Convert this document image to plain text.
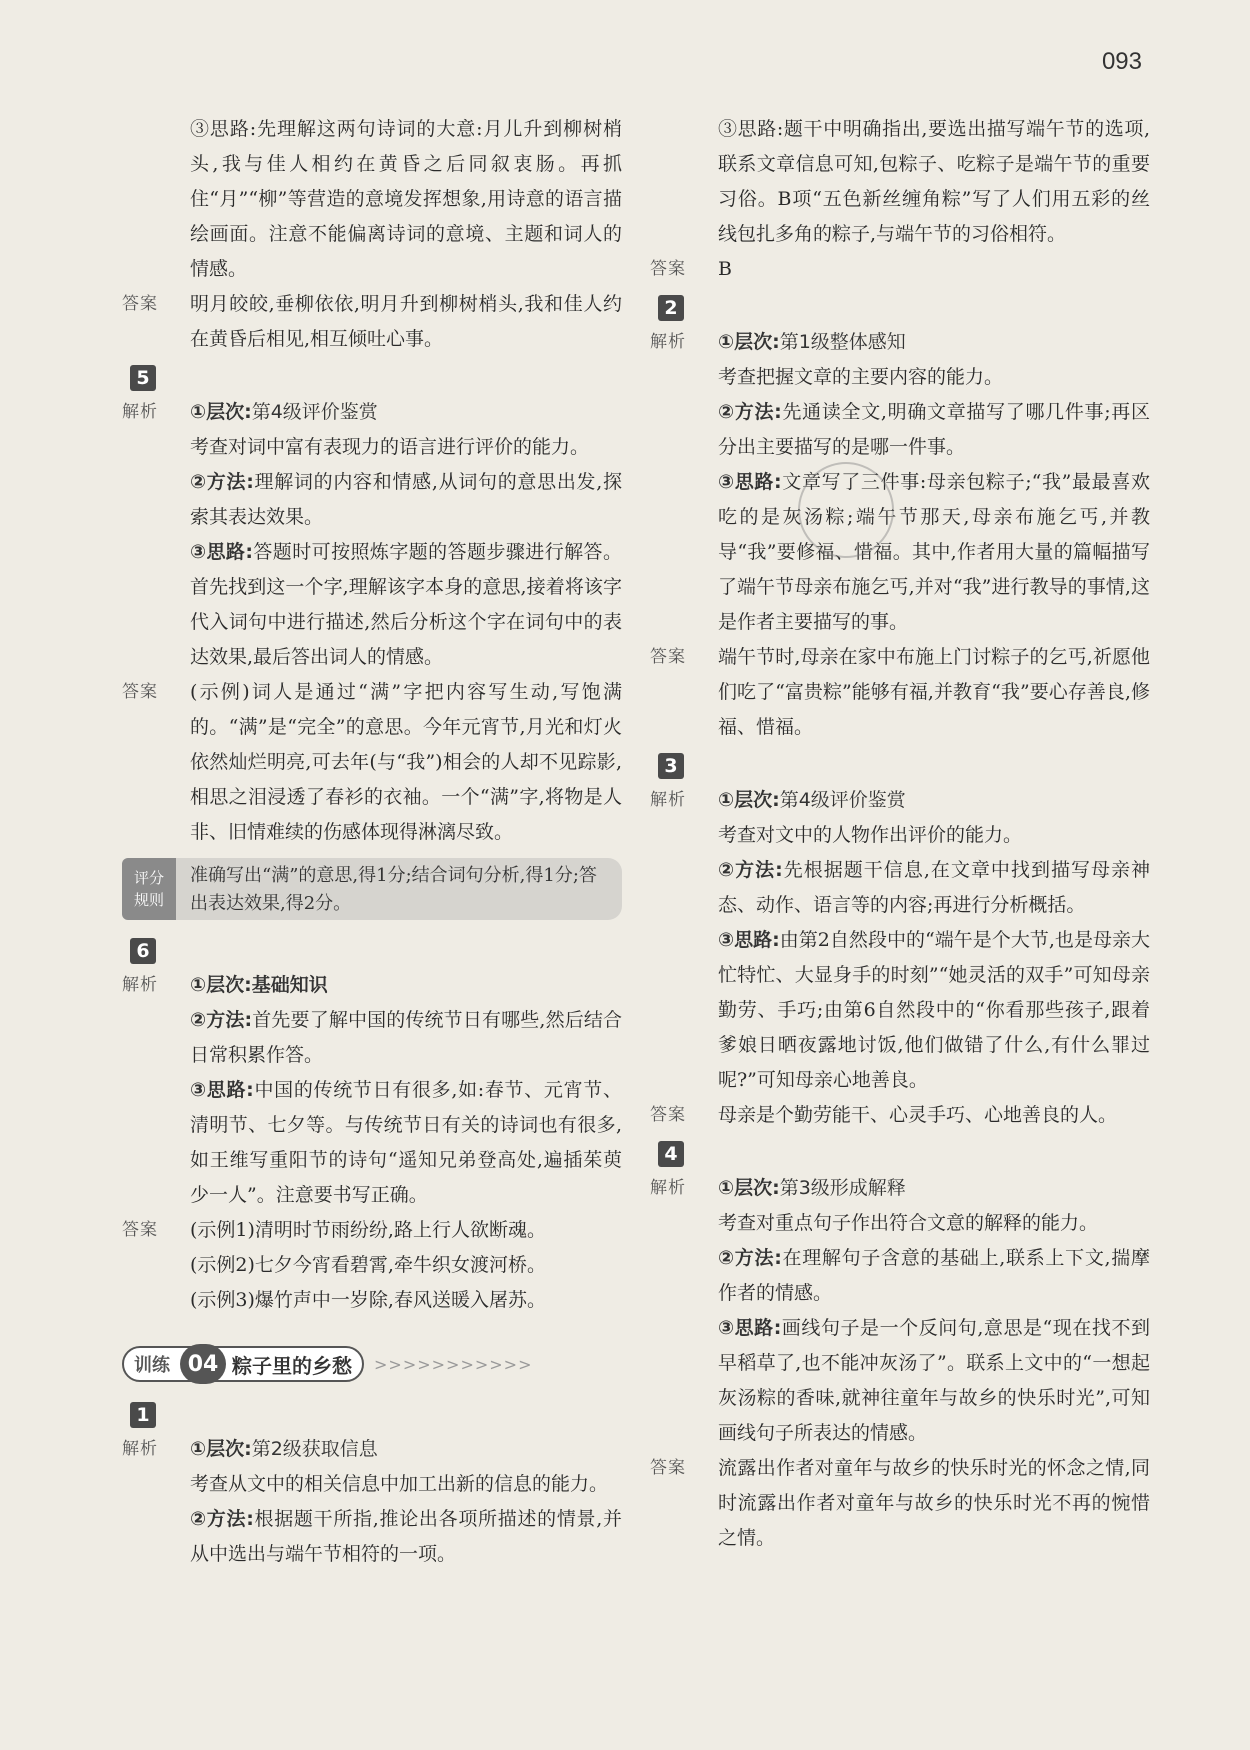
093

③思路:先理解这两句诗词的大意:月儿升到柳树梢头,我与佳人相约在黄昏之后同叙衷肠。再抓住“月”“柳”等营造的意境发挥想象,用诗意的语言描绘画面。注意不能偏离诗词的意境、主题和词人的情感。

答案 明月皎皎,垂柳依依,明月升到柳树梢头,我和佳人约在黄昏后相见,相互倾吐心事。

5
解析 ①层次:第4级评价鉴赏

考查对词中富有表现力的语言进行评价的能力。

②方法:理解词的内容和情感,从词句的意思出发,探索其表达效果。

③思路:答题时可按照炼字题的答题步骤进行解答。首先找到这一个字,理解该字本身的意思,接着将该字代入词句中进行描述,然后分析这个字在词句中的表达效果,最后答出词人的情感。

答案 (示例)词人是通过“满”字把内容写生动,写饱满的。“满”是“完全”的意思。今年元宵节,月光和灯火依然灿烂明亮,可去年(与“我”)相会的人却不见踪影,相思之泪浸透了春衫的衣袖。一个“满”字,将物是人非、旧情难续的伤感体现得淋漓尽致。

评分
规则
准确写出“满”的意思,得1分;结合词句分析,得1分;答出表达效果,得2分。
6
解析 ①层次:基础知识

②方法:首先要了解中国的传统节日有哪些,然后结合日常积累作答。

③思路:中国的传统节日有很多,如:春节、元宵节、清明节、七夕等。与传统节日有关的诗词也有很多,如王维写重阳节的诗句“遥知兄弟登高处,遍插茱萸少一人”。注意要书写正确。

答案 (示例1)清明时节雨纷纷,路上行人欲断魂。

(示例2)七夕今宵看碧霄,牵牛织女渡河桥。

(示例3)爆竹声中一岁除,春风送暖入屠苏。

训练 04 粽子里的乡愁 >>>>>>>>>>>
1
解析 ①层次:第2级获取信息

考查从文中的相关信息中加工出新的信息的能力。

②方法:根据题干所指,推论出各项所描述的情景,并从中选出与端午节相符的一项。

③思路:题干中明确指出,要选出描写端午节的选项,联系文章信息可知,包粽子、吃粽子是端午节的重要习俗。B项“五色新丝缠角粽”写了人们用五彩的丝线包扎多角的粽子,与端午节的习俗相符。

答案 B

2
解析 ①层次:第1级整体感知

考查把握文章的主要内容的能力。

②方法:先通读全文,明确文章描写了哪几件事;再区分出主要描写的是哪一件事。

③思路:文章写了三件事:母亲包粽子;“我”最最喜欢吃的是灰汤粽;端午节那天,母亲布施乞丐,并教导“我”要修福、惜福。其中,作者用大量的篇幅描写了端午节母亲布施乞丐,并对“我”进行教导的事情,这是作者主要描写的事。

答案 端午节时,母亲在家中布施上门讨粽子的乞丐,祈愿他们吃了“富贵粽”能够有福,并教育“我”要心存善良,修福、惜福。

3
解析 ①层次:第4级评价鉴赏

考查对文中的人物作出评价的能力。

②方法:先根据题干信息,在文章中找到描写母亲神态、动作、语言等的内容;再进行分析概括。

③思路:由第2自然段中的“端午是个大节,也是母亲大忙特忙、大显身手的时刻”“她灵活的双手”可知母亲勤劳、手巧;由第6自然段中的“你看那些孩子,跟着爹娘日晒夜露地讨饭,他们做错了什么,有什么罪过呢?”可知母亲心地善良。

答案 母亲是个勤劳能干、心灵手巧、心地善良的人。

4
解析 ①层次:第3级形成解释

考查对重点句子作出符合文意的解释的能力。

②方法:在理解句子含意的基础上,联系上下文,揣摩作者的情感。

③思路:画线句子是一个反问句,意思是“现在找不到早稻草了,也不能冲灰汤了”。联系上文中的“一想起灰汤粽的香味,就神往童年与故乡的快乐时光”,可知画线句子所表达的情感。

答案 流露出作者对童年与故乡的快乐时光的怀念之情,同时流露出作者对童年与故乡的快乐时光不再的惋惜之情。
